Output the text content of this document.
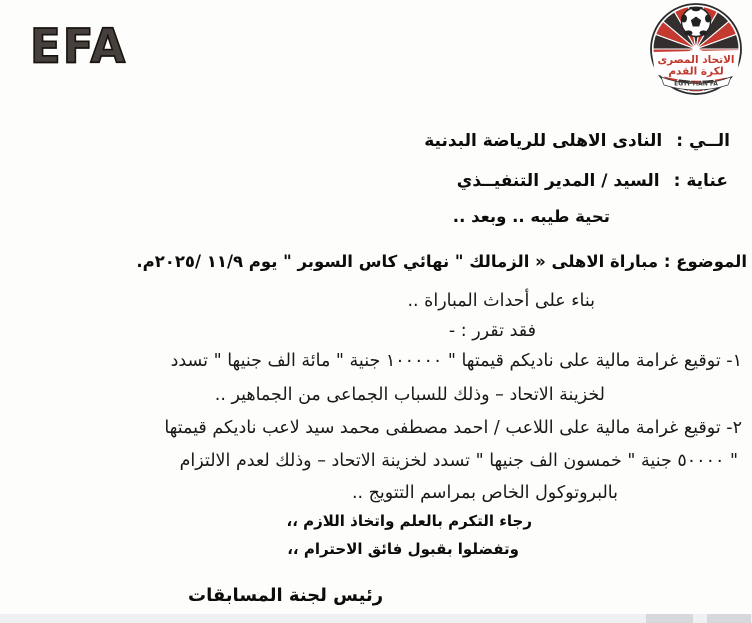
EFA	الاتحاد المصرى
لكرة القدم
EGYPTIAN FA
الــي :النادى الاهلى للرياضة البدنية
عناية :السيد / المدير التنفيــذي
تحية طيبه .. وبعد ..
الموضوع : مباراة الاهلى « الزمالك " نهائي كاس السوبر " يوم ١١/٩ /٢٠٢٥م.
بناء على أحداث المباراة ..
فقد تقرر : -
١- توقيع غرامة مالية على ناديكم قيمتها " ١٠٠٠٠٠ جنية " مائة الف جنيها " تسدد
لخزينة الاتحاد – وذلك للسباب الجماعى من الجماهير ..
٢- توقيع غرامة مالية على اللاعب / احمد مصطفى محمد سيد لاعب ناديكم قيمتها
" ٥٠٠٠٠ جنية " خمسون الف جنيها " تسدد لخزينة الاتحاد – وذلك لعدم الالتزام
بالبروتوكول الخاص بمراسم التتويج ..
رجاء التكرم بالعلم واتخاذ اللازم ،،
وتفضلوا بقبول فائق الاحترام ،،
رئيس لجنة المسابقات
